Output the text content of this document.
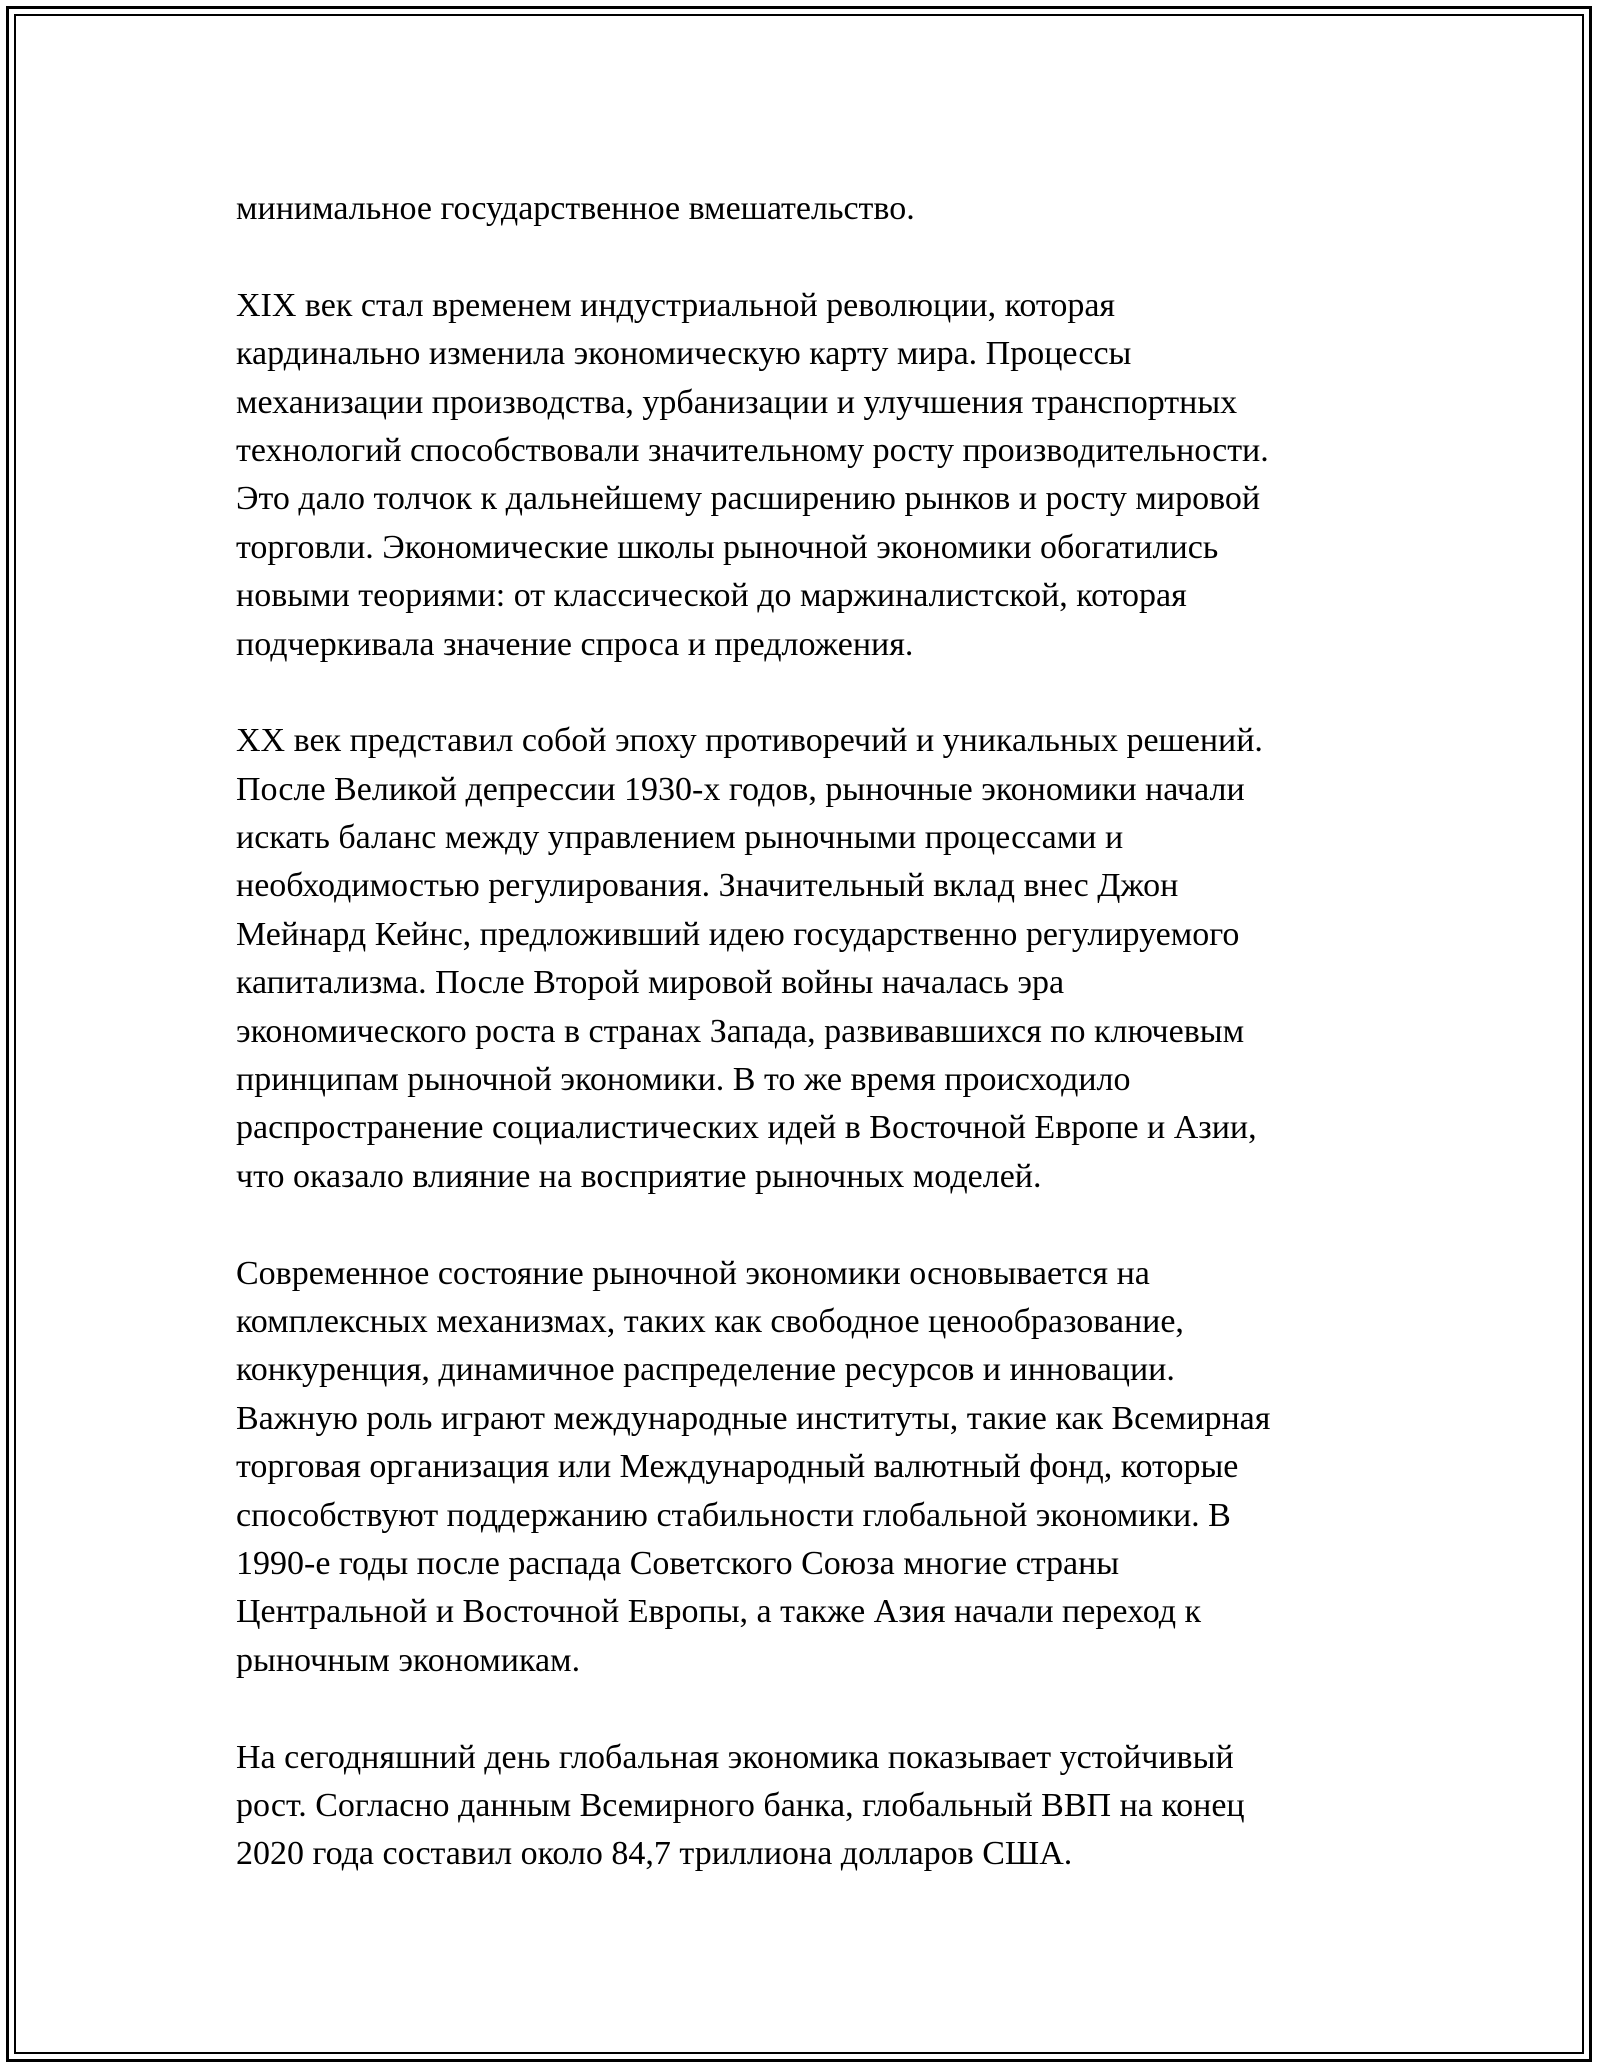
минимальное государственное вмешательство.
XIX век стал временем индустриальной революции, которая
кардинально изменила экономическую карту мира. Процессы
механизации производства, урбанизации и улучшения транспортных
технологий способствовали значительному росту производительности.
Это дало толчок к дальнейшему расширению рынков и росту мировой
торговли. Экономические школы рыночной экономики обогатились
новыми теориями: от классической до маржиналистской, которая
подчеркивала значение спроса и предложения.
XX век представил собой эпоху противоречий и уникальных решений.
После Великой депрессии 1930-х годов, рыночные экономики начали
искать баланс между управлением рыночными процессами и
необходимостью регулирования. Значительный вклад внес Джон
Мейнард Кейнс, предложивший идею государственно регулируемого
капитализма. После Второй мировой войны началась эра
экономического роста в странах Запада, развивавшихся по ключевым
принципам рыночной экономики. В то же время происходило
распространение социалистических идей в Восточной Европе и Азии,
что оказало влияние на восприятие рыночных моделей.
Современное состояние рыночной экономики основывается на
комплексных механизмах, таких как свободное ценообразование,
конкуренция, динамичное распределение ресурсов и инновации.
Важную роль играют международные институты, такие как Всемирная
торговая организация или Международный валютный фонд, которые
способствуют поддержанию стабильности глобальной экономики. В
1990-е годы после распада Советского Союза многие страны
Центральной и Восточной Европы, а также Азия начали переход к
рыночным экономикам.
На сегодняшний день глобальная экономика показывает устойчивый
рост. Согласно данным Всемирного банка, глобальный ВВП на конец
2020 года составил около 84,7 триллиона долларов США.
